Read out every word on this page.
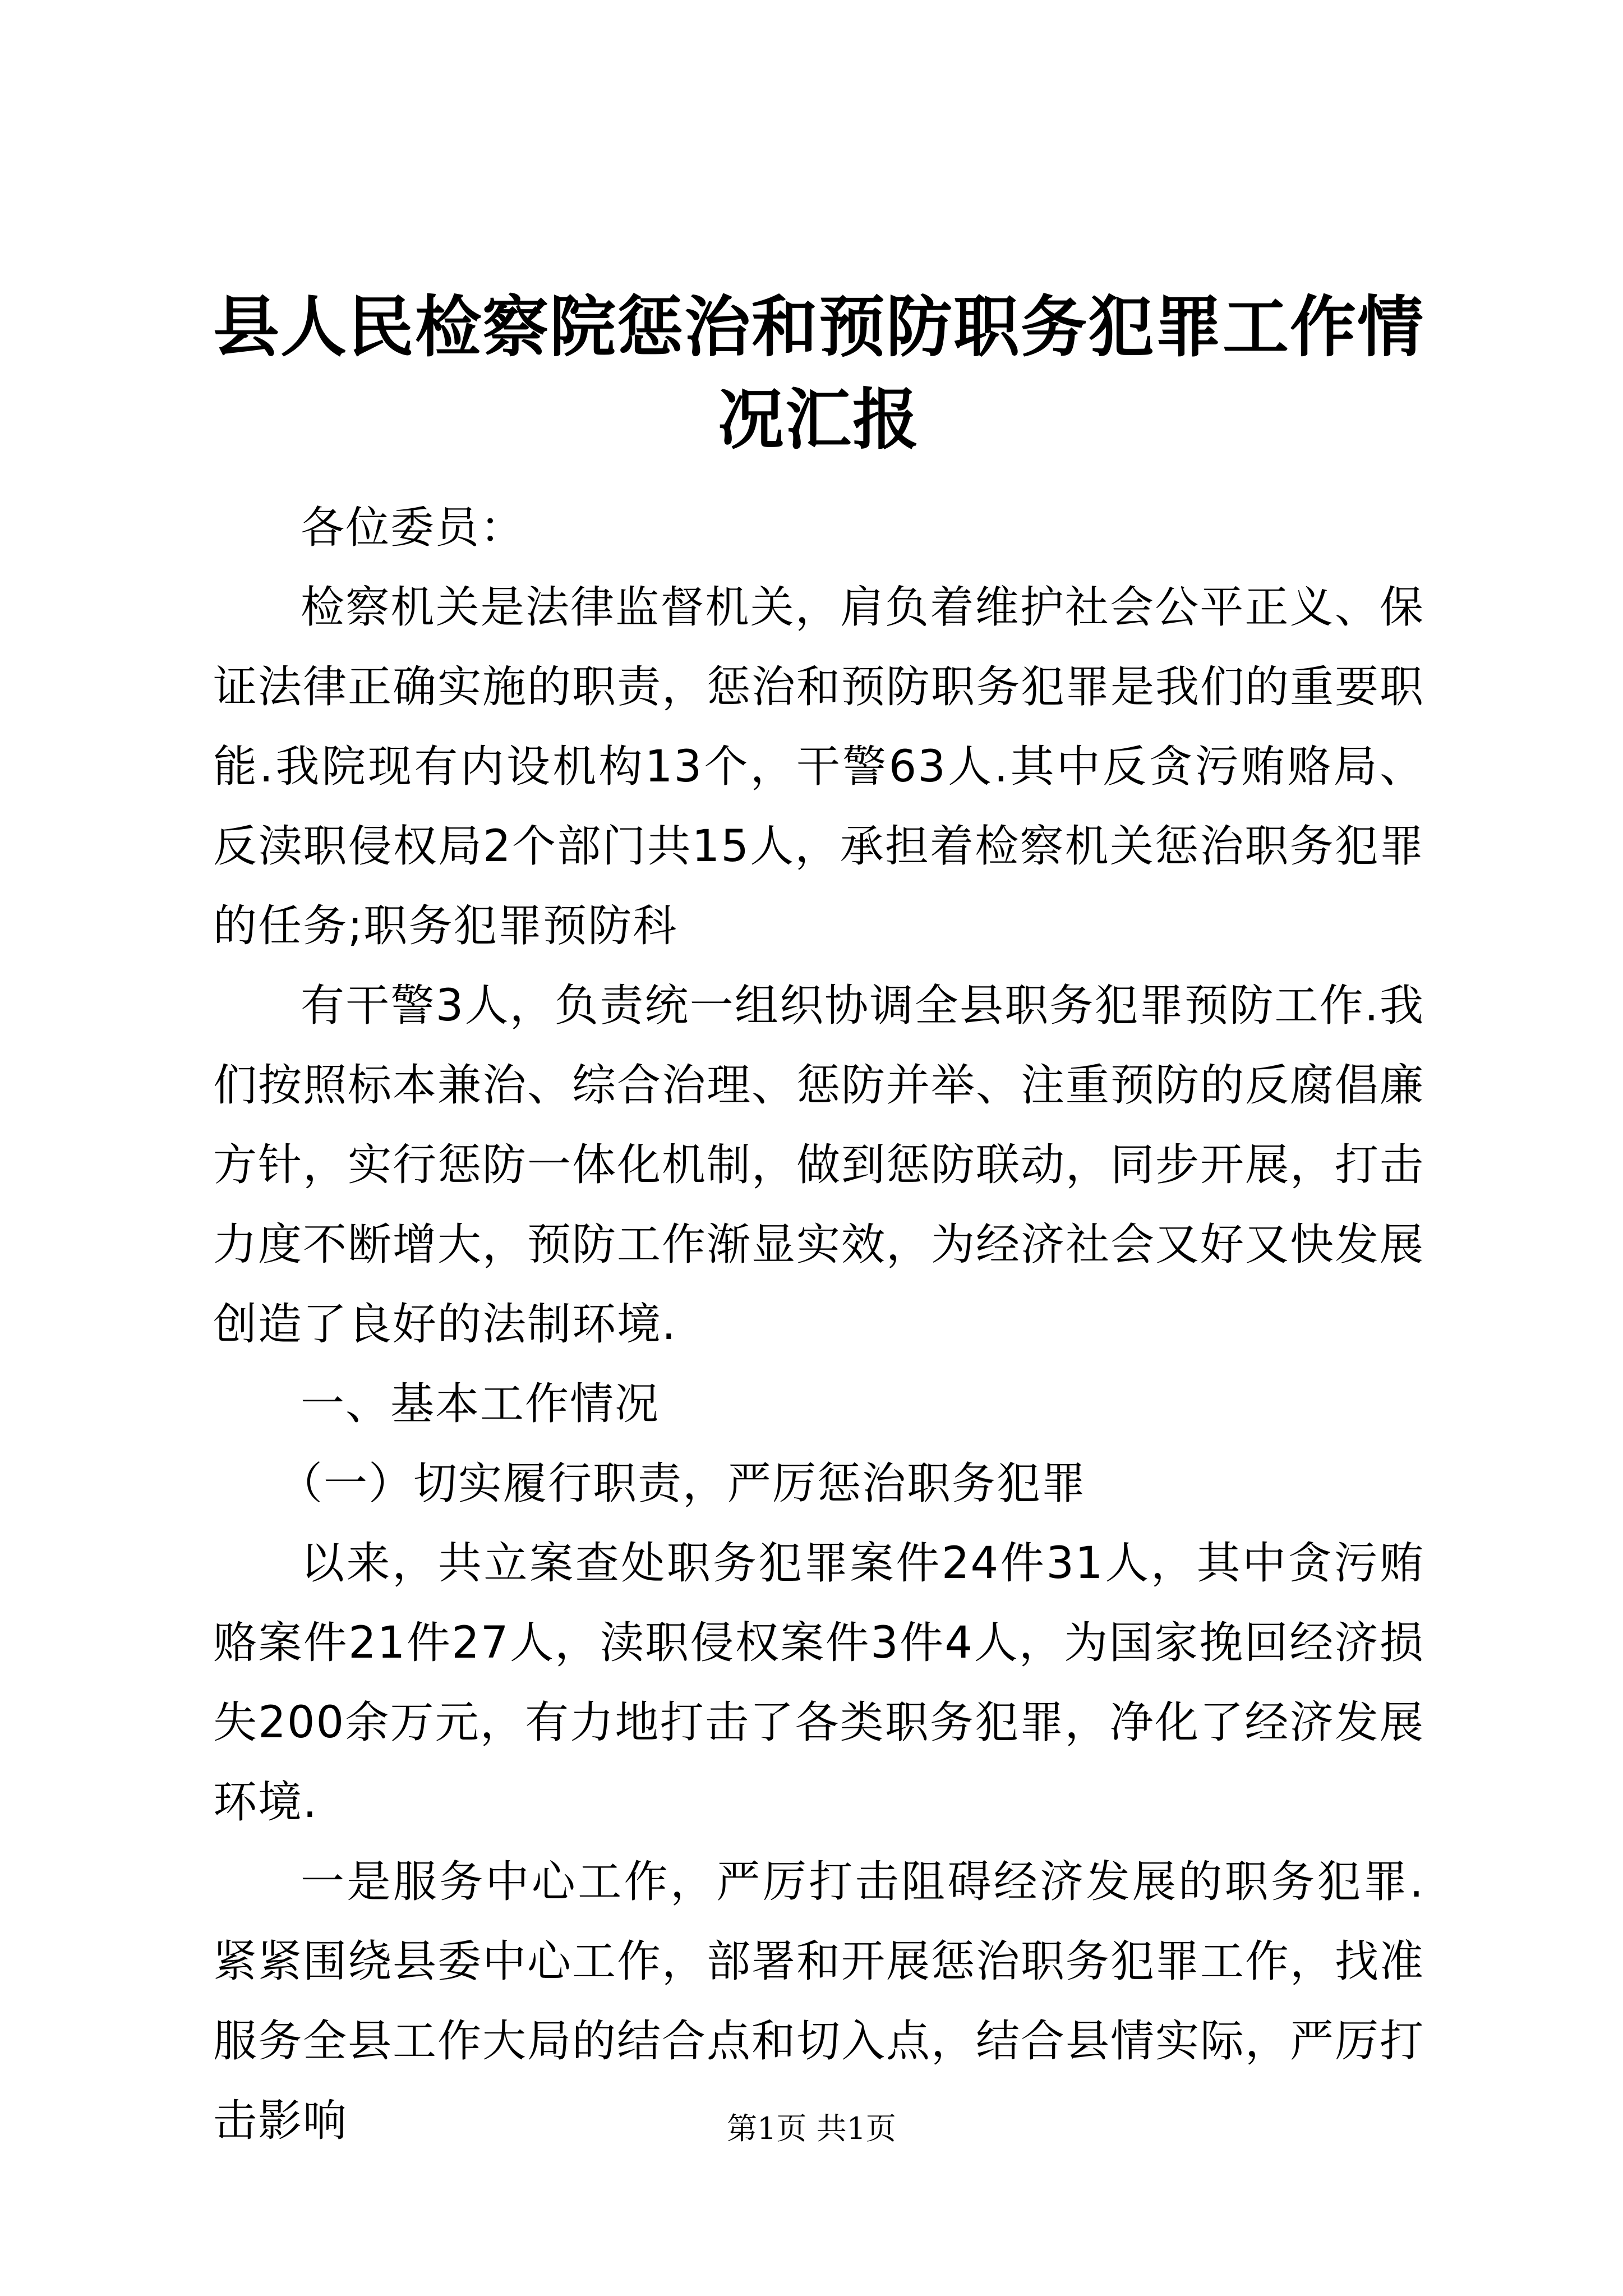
县人民检察院惩治和预防职务犯罪工作情况汇报

各位委员：

检察机关是法律监督机关，肩负着维护社会公平正义、保证法律正确实施的职责，惩治和预防职务犯罪是我们的重要职能.我院现有内设机构13个，干警63人.其中反贪污贿赂局、反渎职侵权局2个部门共15人，承担着检察机关惩治职务犯罪的任务;职务犯罪预防科

有干警3人，负责统一组织协调全县职务犯罪预防工作.我们按照标本兼治、综合治理、惩防并举、注重预防的反腐倡廉方针，实行惩防一体化机制，做到惩防联动，同步开展，打击力度不断增大，预防工作渐显实效，为经济社会又好又快发展创造了良好的法制环境.

一、基本工作情况

（一）切实履行职责，严厉惩治职务犯罪

以来，共立案查处职务犯罪案件24件31人，其中贪污贿赂案件21件27人，渎职侵权案件3件4人，为国家挽回经济损失200余万元，有力地打击了各类职务犯罪，净化了经济发展环境.

一是服务中心工作，严厉打击阻碍经济发展的职务犯罪.紧紧围绕县委中心工作，部署和开展惩治职务犯罪工作，找准服务全县工作大局的结合点和切入点，结合县情实际，严厉打击影响	第1页 共1页
